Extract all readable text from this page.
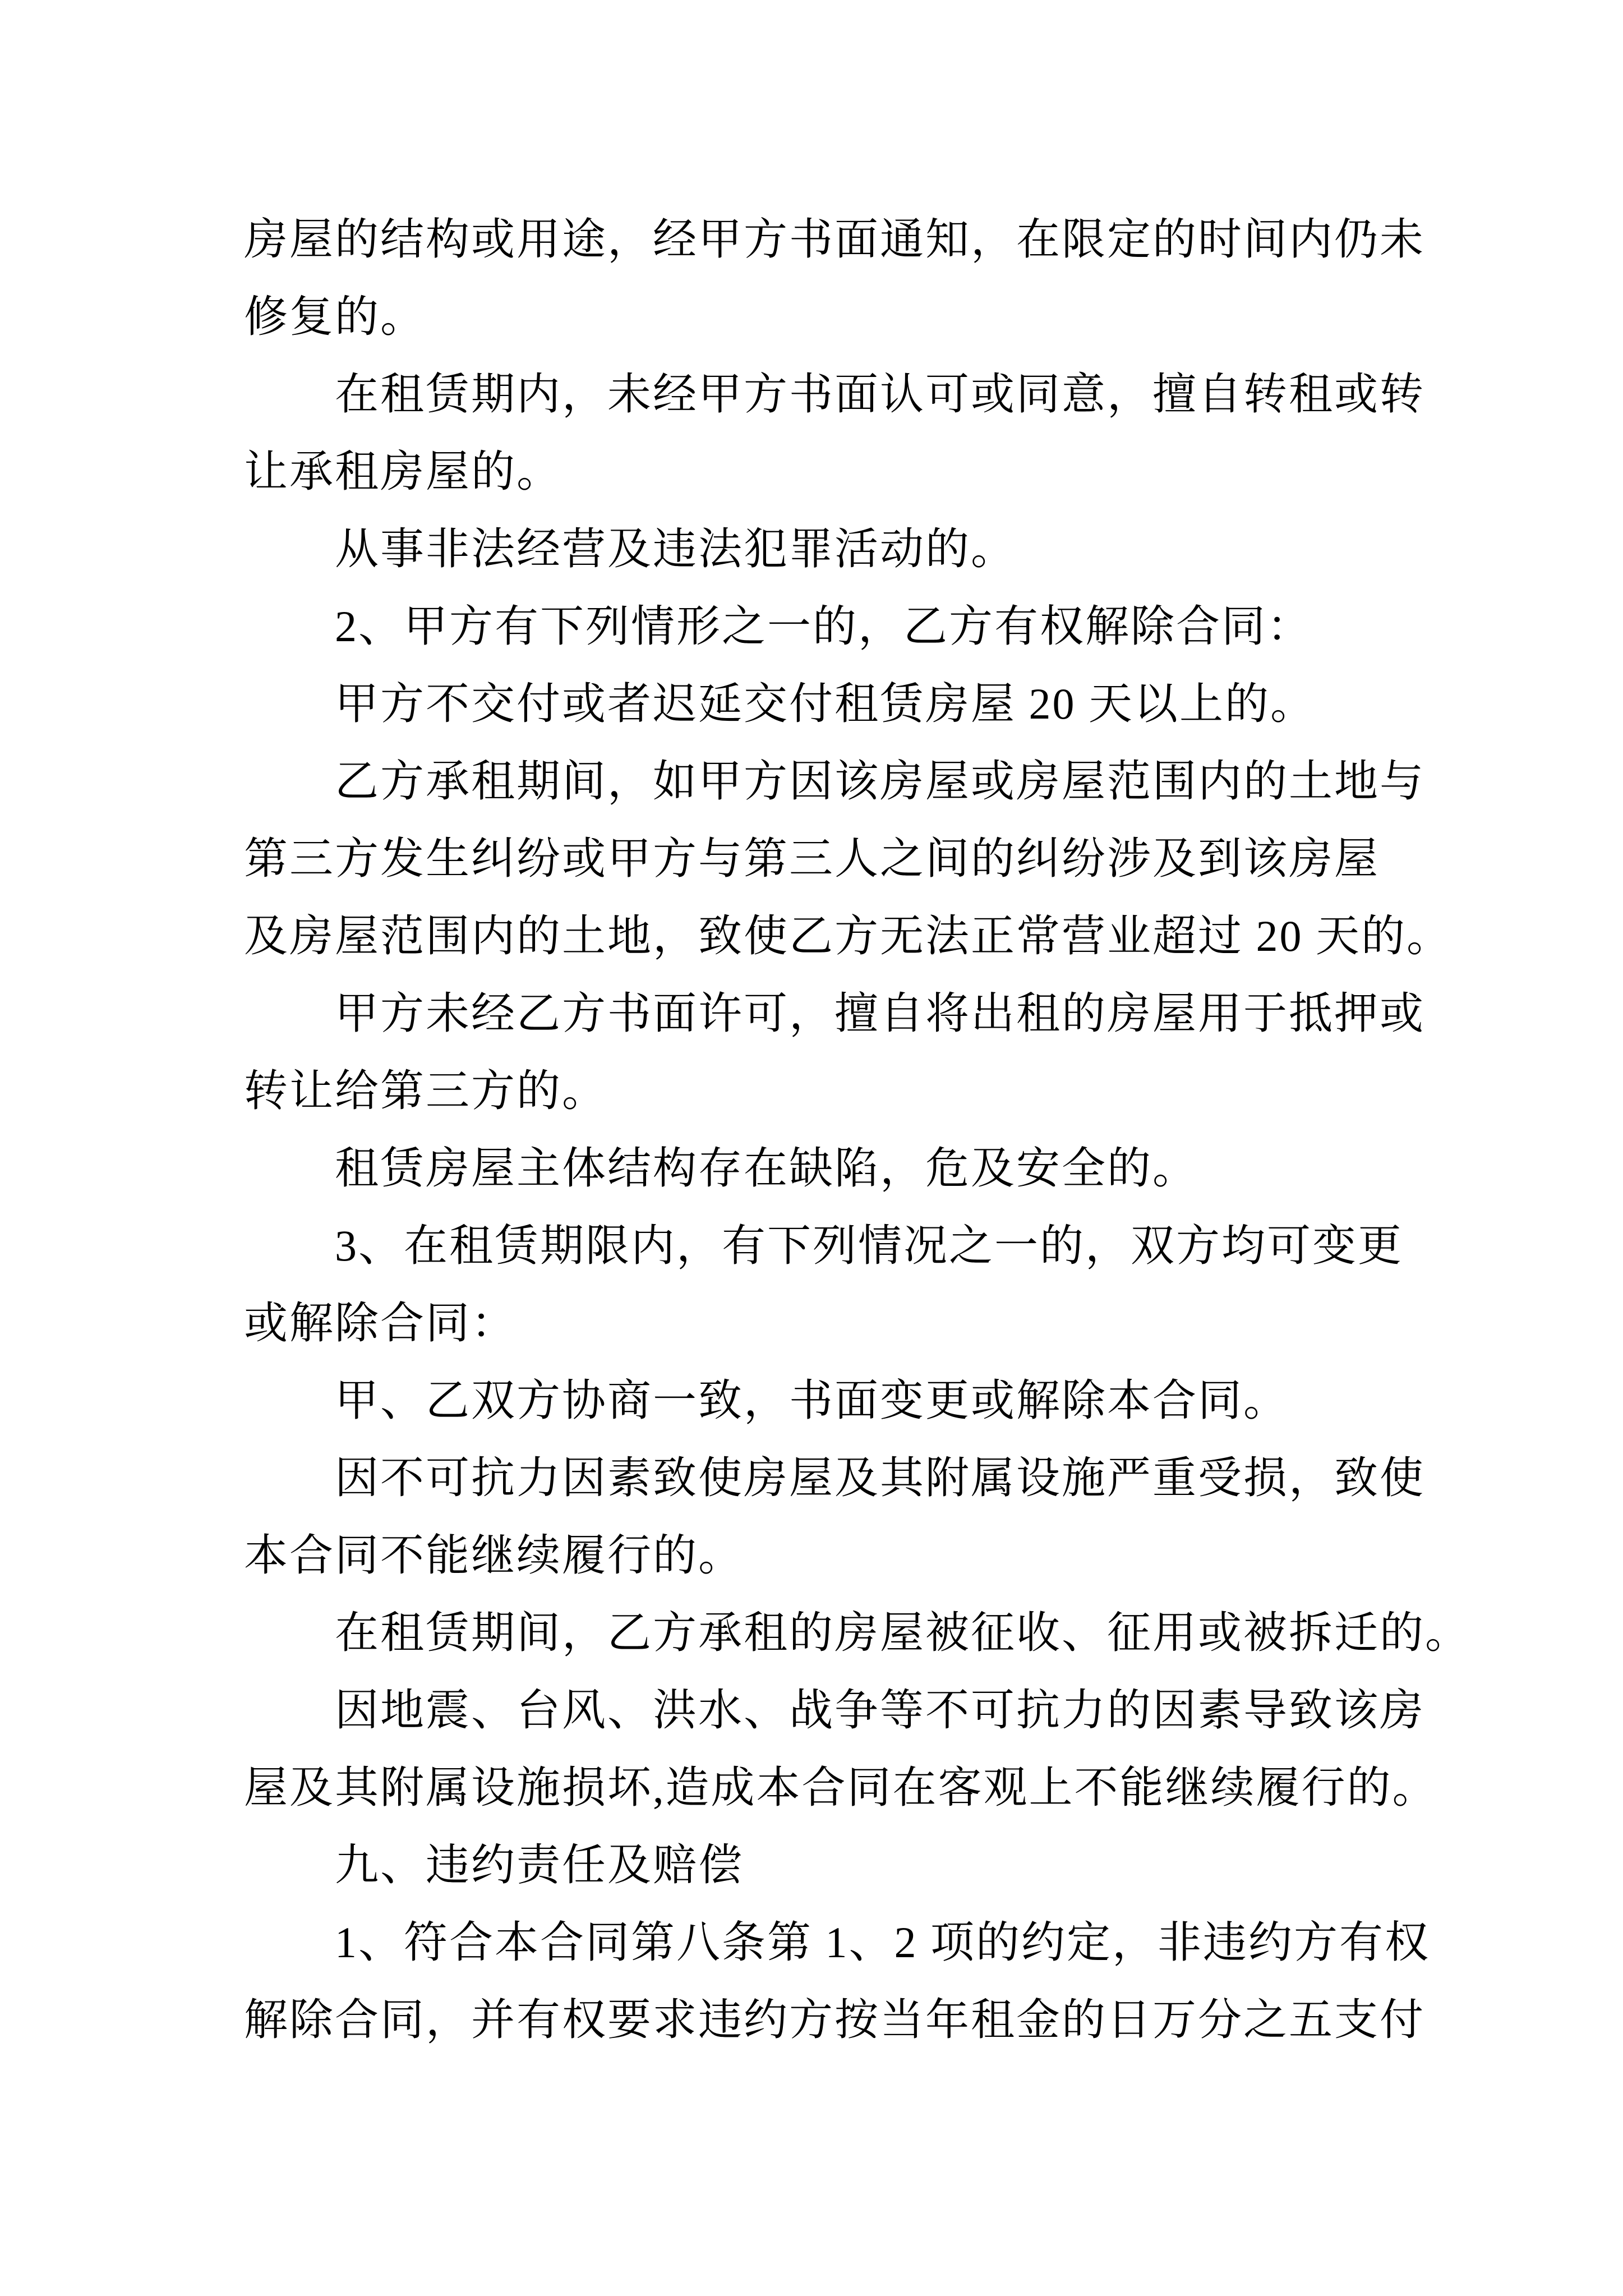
房屋的结构或用途，经甲方书面通知，在限定的时间内仍未
修复的。
在租赁期内，未经甲方书面认可或同意，擅自转租或转
让承租房屋的。
从事非法经营及违法犯罪活动的。
2、甲方有下列情形之一的，乙方有权解除合同：
甲方不交付或者迟延交付租赁房屋 20 天以上的。
乙方承租期间，如甲方因该房屋或房屋范围内的土地与
第三方发生纠纷或甲方与第三人之间的纠纷涉及到该房屋
及房屋范围内的土地，致使乙方无法正常营业超过 20 天的。
甲方未经乙方书面许可，擅自将出租的房屋用于抵押或
转让给第三方的。
租赁房屋主体结构存在缺陷，危及安全的。
3、在租赁期限内，有下列情况之一的，双方均可变更
或解除合同：
甲、乙双方协商一致，书面变更或解除本合同。
因不可抗力因素致使房屋及其附属设施严重受损，致使
本合同不能继续履行的。
在租赁期间，乙方承租的房屋被征收、征用或被拆迁的。
因地震、台风、洪水、战争等不可抗力的因素导致该房
屋及其附属设施损坏,造成本合同在客观上不能继续履行的。
九、违约责任及赔偿
1、符合本合同第八条第 1、2 项的约定，非违约方有权
解除合同，并有权要求违约方按当年租金的日万分之五支付
